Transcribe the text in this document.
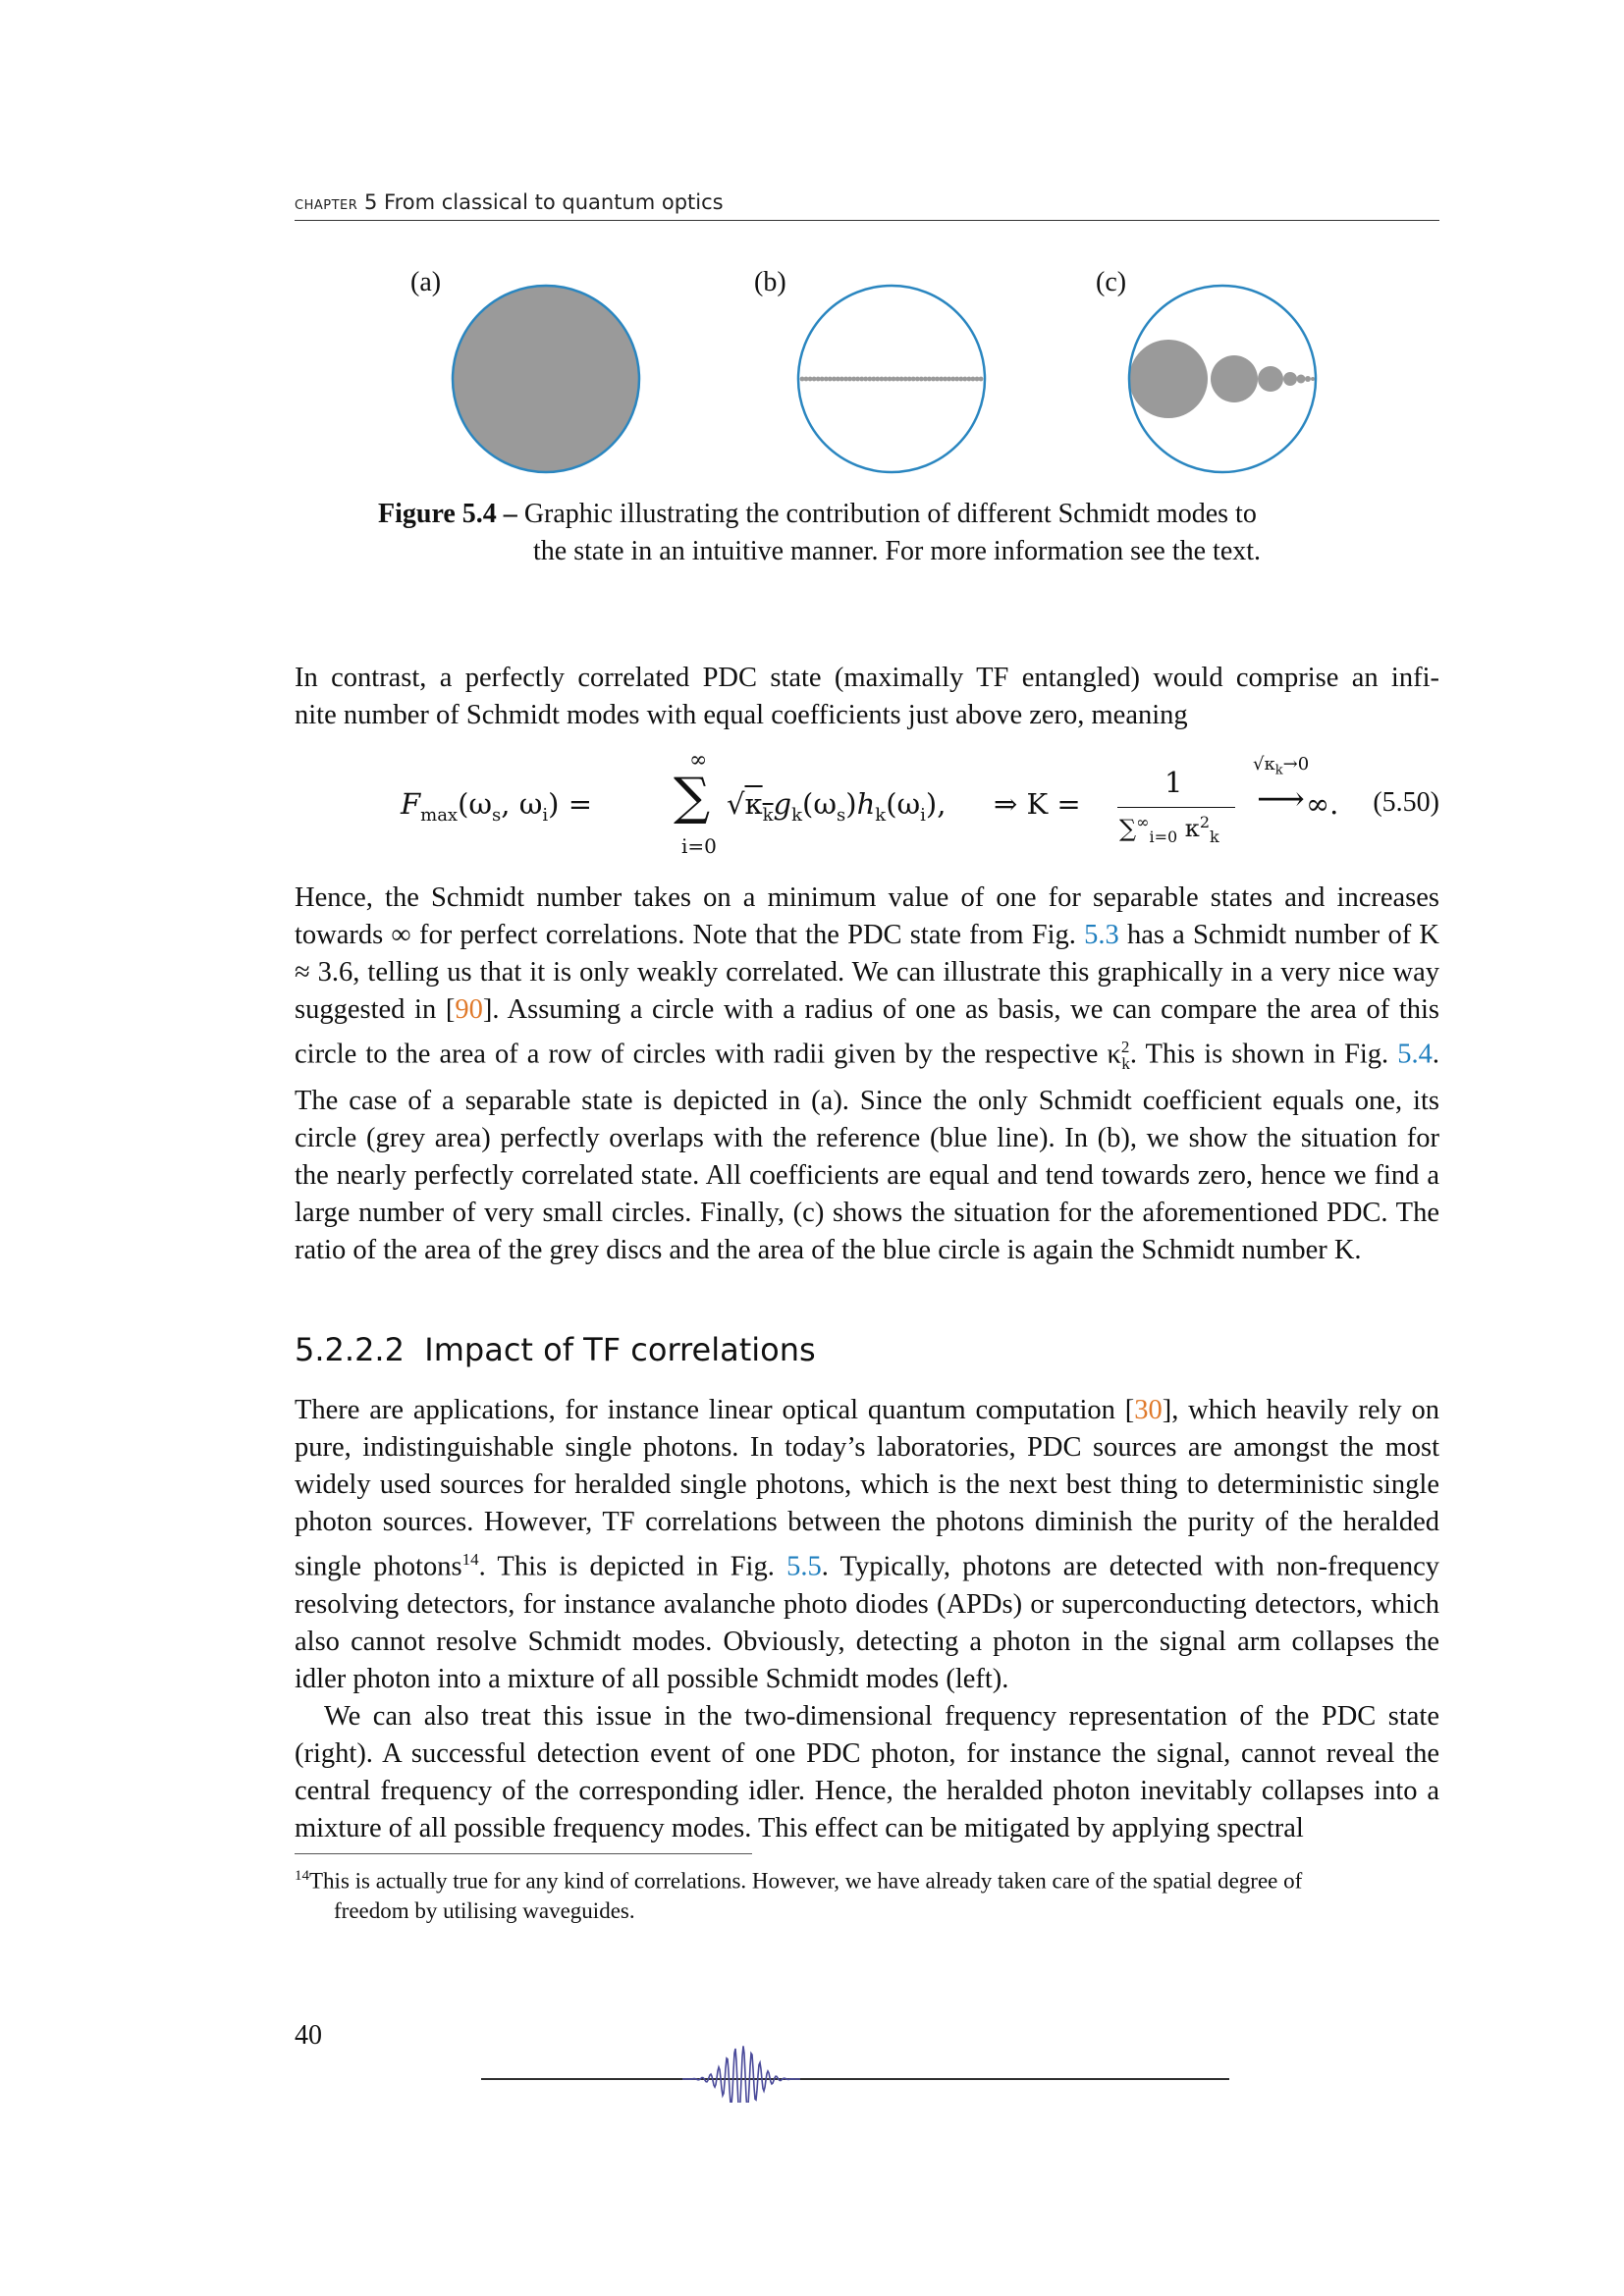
chapter 5 From classical to quantum optics
(a)	(b)	(c)
Figure 5.4 – Graphic illustrating the contribution of different Schmidt modes to
the state in an intuitive manner. For more information see the text.

In contrast, a perfectly correlated PDC state (maximally TF entangled) would comprise an infi-

nite number of Schmidt modes with equal coefficients just above zero, meaning

$F_{max}(\omega_s$, $\omega_i$) =
∞
∑
i=0
$√\kappa_kg_k(\omega_s)h_k(\omega_i)$, ⇒ K =
1
$\sum^\infty_{i=0}$ $\kappa^2_k$
$√\kappa_k\to 0$
⟶ ∞. (5.50)

Hence, the Schmidt number takes on a minimum value of one for separable states and increases towards ∞ for perfect correlations. Note that the PDC state from Fig. 5.3 has a Schmidt number of K ≈ 3.6, telling us that it is only weakly correlated. We can illustrate this graphically in a very nice way suggested in [90]. Assuming a circle with a radius of one as basis, we can compare the area of this circle to the area of a row of circles with radii given by the respective $\kappa^2_k$. This is shown in Fig. 5.4. The case of a separable state is depicted in (a). Since the only Schmidt coefficient equals one, its circle (grey area) perfectly overlaps with the reference (blue line). In (b), we show the situation for the nearly perfectly correlated state. All coefficients are equal and tend towards zero, hence we find a large number of very small circles. Finally, (c) shows the situation for the aforementioned PDC. The ratio of the area of the grey discs and the area of the blue circle is again the Schmidt number K.

5.2.2.2 Impact of TF correlations

There are applications, for instance linear optical quantum computation [30], which heavily rely on pure, indistinguishable single photons. In today’s laboratories, PDC sources are amongst the most widely used sources for heralded single photons, which is the next best thing to deterministic single photon sources. However, TF correlations between the photons diminish the purity of the heralded single photons$^{14}$. This is depicted in Fig. 5.5. Typically, photons are detected with non-frequency resolving detectors, for instance avalanche photo diodes (APDs) or superconducting detectors, which also cannot resolve Schmidt modes. Obviously, detecting a photon in the signal arm collapses the idler photon into a mixture of all possible Schmidt modes (left).

We can also treat this issue in the two-dimensional frequency representation of the PDC state (right). A successful detection event of one PDC photon, for instance the signal, cannot reveal the central frequency of the corresponding idler. Hence, the heralded photon inevitably collapses into a mixture of all possible frequency modes. This effect can be mitigated by applying spectral

$^{14}$This is actually true for any kind of correlations. However, we have already taken care of the spatial degree of
freedom by utilising waveguides.
40
